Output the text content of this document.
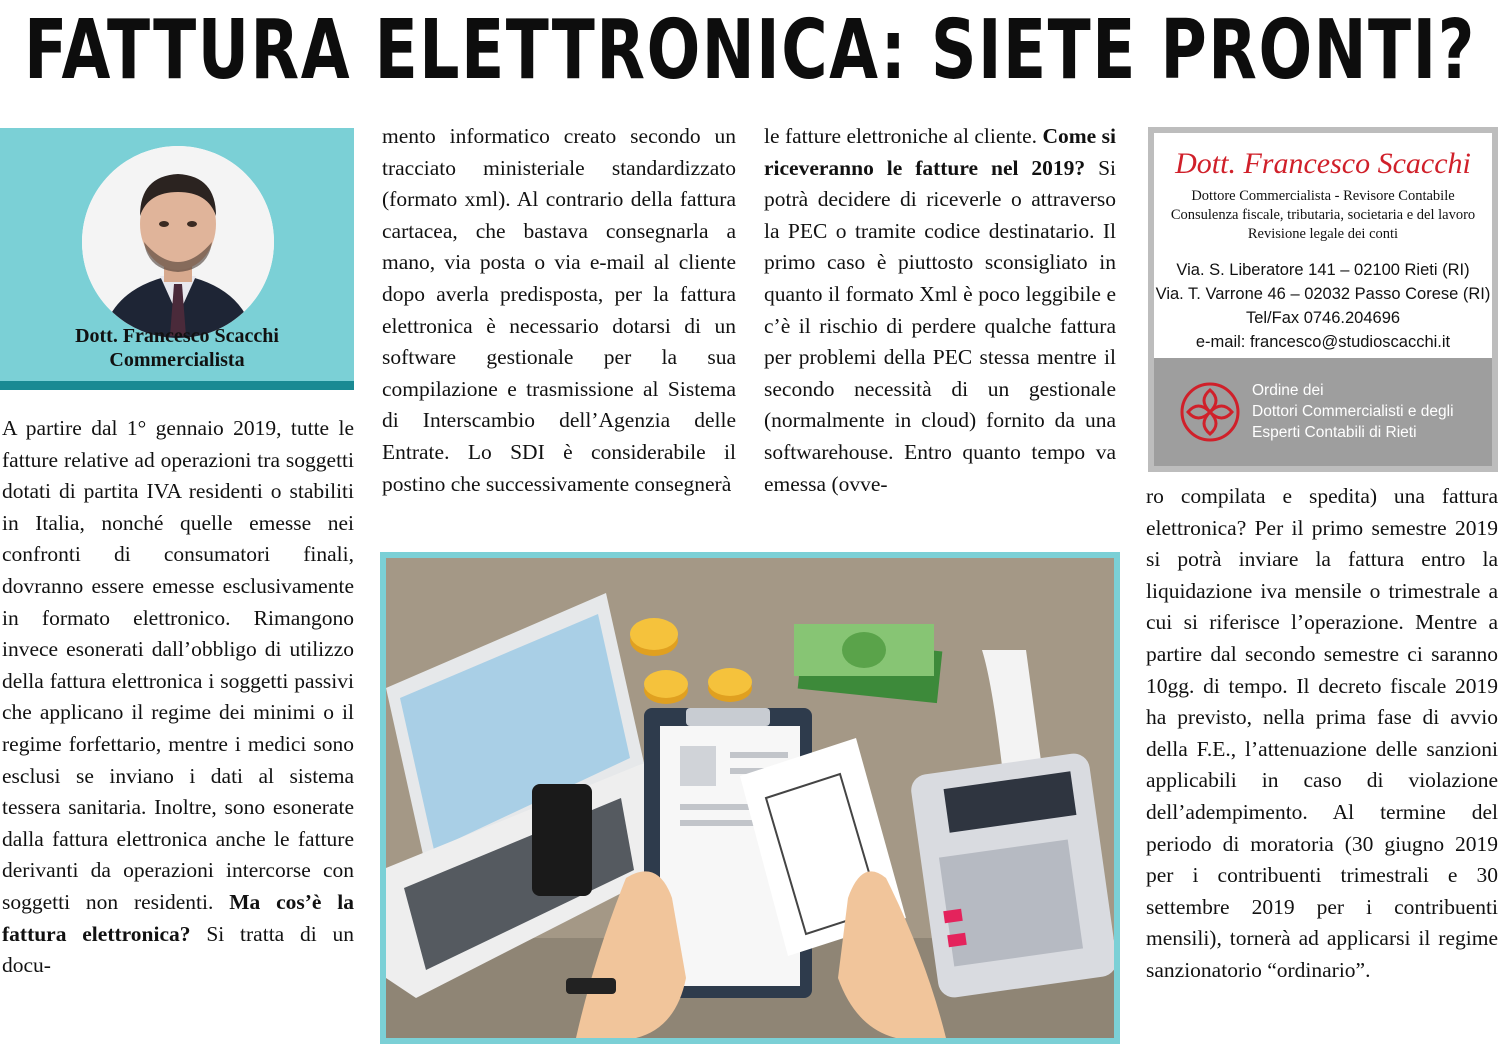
FATTURA ELETTRONICA: SIETE PRONTI?
Dott. Francesco Scacchi
Commercialista
A partire dal 1° gennaio 2019, tutte le fatture relative ad operazioni tra soggetti dotati di partita IVA residenti o stabiliti in Italia, nonché quelle emesse nei confronti di consumatori finali, dovranno essere emesse esclusivamente in formato elettronico. Rimangono invece esonerati dall’obbligo di utilizzo della fattura elettronica i soggetti passivi che applicano il regime dei minimi o il regime forfettario, mentre i medici sono esclusi se inviano i dati al sistema tessera sanitaria. Inoltre, sono esonerate dalla fattura elettronica anche le fatture derivanti da operazioni intercorse con soggetti non residenti. Ma cos’è la fattura elettronica? Si tratta di un docu-
mento informatico creato secondo un tracciato ministeriale standardizzato (formato xml). Al contrario della fattura cartacea, che bastava consegnarla a mano, via posta o via e-mail al cliente dopo averla predisposta, per la fattura elettronica è necessario dotarsi di un software gestionale per la sua compilazione e trasmissione al Sistema di Interscambio dell’Agenzia delle Entrate. Lo SDI è considerabile il postino che successivamente consegnerà
le fatture elettroniche al cliente. Come si riceveranno le fatture nel 2019? Si potrà decidere di riceverle o attraverso la PEC o tramite codice destinatario. Il primo caso è piuttosto sconsigliato in quanto il formato Xml è poco leggibile e c’è il rischio di perdere qualche fattura per problemi della PEC stessa mentre il secondo necessità di un gestionale (normalmente in cloud) fornito da una softwarehouse. Entro quanto tempo va emessa (ovve-
ro compilata e spedita) una fattura elettronica? Per il primo semestre 2019 si potrà inviare la fattura entro la liquidazione iva mensile o trimestrale a cui si riferisce l’operazione. Mentre a partire dal secondo semestre ci saranno 10gg. di tempo. Il decreto fiscale 2019 ha previsto, nella prima fase di avvio della F.E., l’attenuazione delle sanzioni applicabili in caso di violazione dell’adempimento. Al termine del periodo di moratoria (30 giugno 2019 per i contribuenti trimestrali e 30 settembre 2019 per i contribuenti mensili), tornerà ad applicarsi il regime sanzionatorio “ordinario”.
Dott. Francesco Scacchi
Dottore Commercialista - Revisore Contabile
Consulenza fiscale, tributaria, societaria e del lavoro
Revisione legale dei conti
Via. S. Liberatore 141 – 02100 Rieti (RI)
Via. T. Varrone 46 – 02032 Passo Corese (RI)
Tel/Fax 0746.204696
e-mail: francesco@studioscacchi.it
Ordine dei
Dottori Commercialisti e degli
Esperti Contabili di Rieti
